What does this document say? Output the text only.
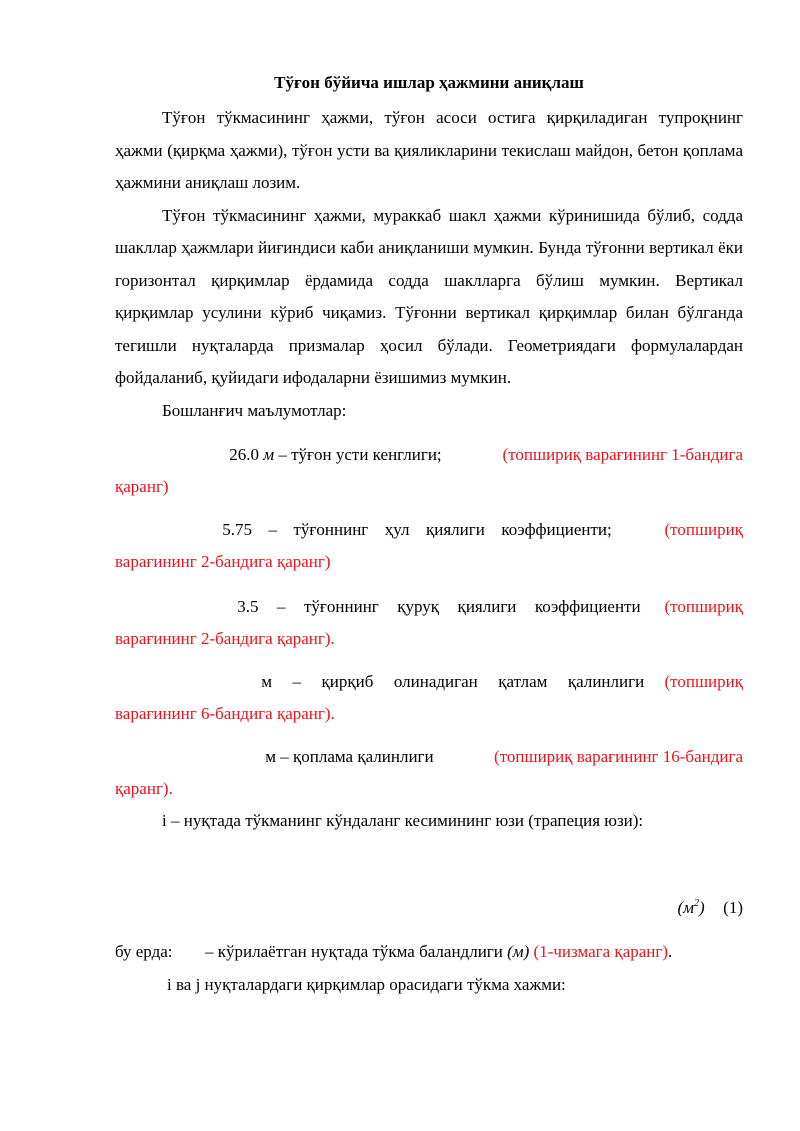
Тўғон бўйича ишлар ҳажмини аниқлаш

Тўғон тўкмасининг ҳажми, тўғон асоси остига қирқиладиган тупроқнинг ҳажми (қирқма ҳажми), тўғон усти ва қияликларини текислаш майдон, бетон қоплама ҳажмини аниқлаш лозим.

Тўғон тўкмасининг ҳажми, мураккаб шакл ҳажми кўринишида бўлиб, содда шакллар ҳажмлари йиғиндиси каби аниқланиши мумкин. Бунда тўғонни вертикал ёки горизонтал қирқимлар ёрдамида содда шаклларга бўлиш мумкин. Вертикал қирқимлар усулини кўриб чиқамиз. Тўғонни вертикал қирқимлар билан бўлганда тегишли нуқталарда призмалар ҳосил бўлади. Геометриядаги формулалардан фойдаланиб, қуйидаги ифодаларни ёзишимиз мумкин.

Бошланғич маълумотлар:
26.0 м – тўғон усти кенглиги;	(топшириқ варағининг 1-бандига
қаранг)
5.75  –  тўғоннинг  ҳул  қиялиги  коэффициенти;	(топшириқ
варағининг 2-бандига қаранг)
3.5  –  тўғоннинг  қуруқ  қиялиги  коэффициенти (топшириқ
варағининг 2-бандига қаранг).
м  –  қирқиб  олинадиган  қатлам  қалинлиги (топшириқ
варағининг 6-бандига қаранг).
м – қоплама қалинлиги	(топшириқ варағининг 16-бандига
қаранг).
і – нуқтада тўкманинг кўндаланг кесимининг юзи (трапеция юзи):
$(м^2)$ (1)
бу ерда: – кўрилаётган нуқтада тўкма баландлиги (м) (1-чизмага қаранг).
і ва j нуқталардаги қирқимлар орасидаги тўкма хажми:
